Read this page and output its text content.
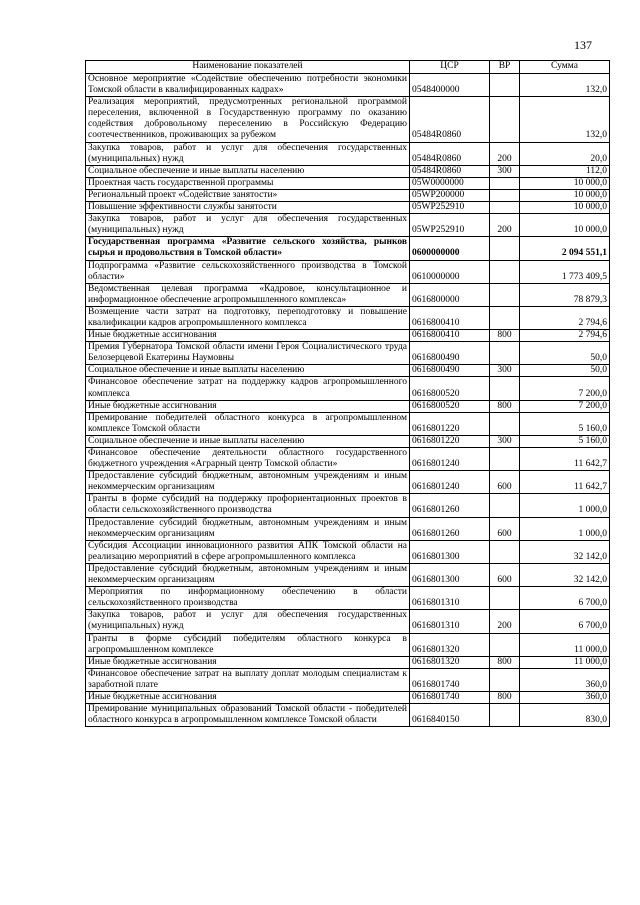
137
Наименование показателей	ЦСР	ВР	Сумма
Основное мероприятие «Содействие обеспечению потребности экономики Томской области в квалифицированных кадрах»	0548400000		132,0
Реализация мероприятий, предусмотренных региональной программой переселения, включенной в Государственную программу по оказанию содействия добровольному переселению в Российскую Федерацию соотечественников, проживающих за рубежом	05484R0860		132,0
Закупка товаров, работ и услуг для обеспечения государственных (муниципальных) нужд	05484R0860	200	20,0
Социальное обеспечение и иные выплаты населению	05484R0860	300	112,0
Проектная часть государственной программы	05W0000000		10 000,0
Региональный проект «Содействие занятости»	05WP200000		10 000,0
Повышение эффективности службы занятости	05WP252910		10 000,0
Закупка товаров, работ и услуг для обеспечения государственных (муниципальных) нужд	05WP252910	200	10 000,0
Государственная программа «Развитие сельского хозяйства, рынков сырья и продовольствия в Томской области»	0600000000		2 094 551,1
Подпрограмма «Развитие сельскохозяйственного производства в Томской области»	0610000000		1 773 409,5
Ведомственная целевая программа «Кадровое, консультационное и информационное обеспечение агропромышленного комплекса»	0616800000		78 879,3
Возмещение части затрат на подготовку, переподготовку и повышение квалификации кадров агропромышленного комплекса	0616800410		2 794,6
Иные бюджетные ассигнования	0616800410	800	2 794,6
Премия Губернатора Томской области имени Героя Социалистического труда Белозерцевой Екатерины Наумовны	0616800490		50,0
Социальное обеспечение и иные выплаты населению	0616800490	300	50,0
Финансовое обеспечение затрат на поддержку кадров агропромышленного комплекса	0616800520		7 200,0
Иные бюджетные ассигнования	0616800520	800	7 200,0
Премирование победителей областного конкурса в агропромышленном комплексе Томской области	0616801220		5 160,0
Социальное обеспечение и иные выплаты населению	0616801220	300	5 160,0
Финансовое обеспечение деятельности областного государственного бюджетного учреждения «Аграрный центр Томской области»	0616801240		11 642,7
Предоставление субсидий бюджетным, автономным учреждениям и иным некоммерческим организациям	0616801240	600	11 642,7
Гранты в форме субсидий на поддержку профориентационных проектов в области сельскохозяйственного производства	0616801260		1 000,0
Предоставление субсидий бюджетным, автономным учреждениям и иным некоммерческим организациям	0616801260	600	1 000,0
Субсидия Ассоциации инновационного развития АПК Томской области на реализацию мероприятий в сфере агропромышленного комплекса	0616801300		32 142,0
Предоставление субсидий бюджетным, автономным учреждениям и иным некоммерческим организациям	0616801300	600	32 142,0
Мероприятия по информационному обеспечению в области сельскохозяйственного производства	0616801310		6 700,0
Закупка товаров, работ и услуг для обеспечения государственных (муниципальных) нужд	0616801310	200	6 700,0
Гранты в форме субсидий победителям областного конкурса в агропромышленном комплексе	0616801320		11 000,0
Иные бюджетные ассигнования	0616801320	800	11 000,0
Финансовое обеспечение затрат на выплату доплат молодым специалистам к заработной плате	0616801740		360,0
Иные бюджетные ассигнования	0616801740	800	360,0
Премирование муниципальных образований Томской области - победителей областного конкурса в агропромышленном комплексе Томской области	0616840150		830,0
